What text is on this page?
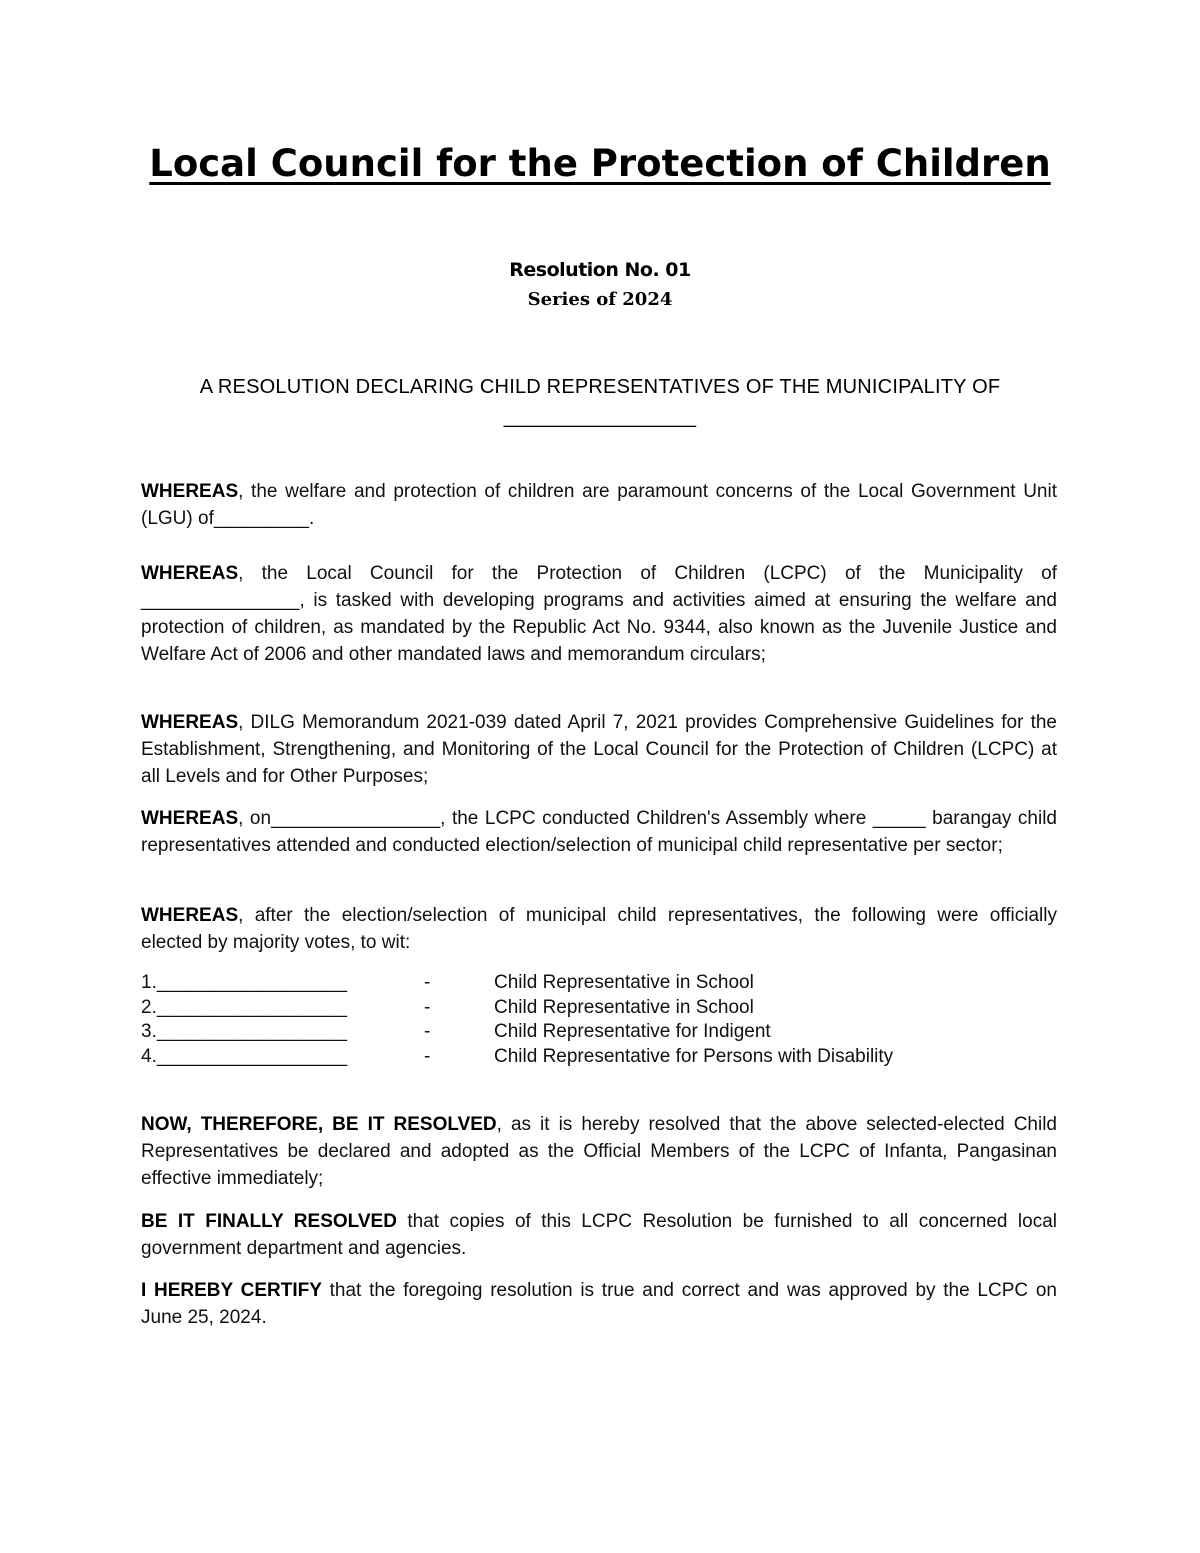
Local Council for the Protection of Children
Resolution No. 01
Series of 2024
A RESOLUTION DECLARING CHILD REPRESENTATIVES OF THE MUNICIPALITY OF _________________

WHEREAS, the welfare and protection of children are paramount concerns of the Local Government Unit (LGU) of_________.

WHEREAS, the Local Council for the Protection of Children (LCPC) of the Municipality of _______________, is tasked with developing programs and activities aimed at ensuring the welfare and protection of children, as mandated by the Republic Act No. 9344, also known as the Juvenile Justice and Welfare Act of 2006 and other mandated laws and memorandum circulars;

WHEREAS, DILG Memorandum 2021-039 dated April 7, 2021 provides Comprehensive Guidelines for the Establishment, Strengthening, and Monitoring of the Local Council for the Protection of Children (LCPC) at all Levels and for Other Purposes;

WHEREAS, on________________, the LCPC conducted Children's Assembly where _____ barangay child representatives attended and conducted election/selection of municipal child representative per sector;

WHEREAS, after the election/selection of municipal child representatives, the following were officially elected by majority votes, to wit:

1.__________________	-	Child Representative in School
2.__________________	-	Child Representative in School
3.__________________	-	Child Representative for Indigent
4.__________________	-	Child Representative for Persons with Disability

NOW, THEREFORE, BE IT RESOLVED, as it is hereby resolved that the above selected-elected Child Representatives be declared and adopted as the Official Members of the LCPC of Infanta, Pangasinan effective immediately;

BE IT FINALLY RESOLVED that copies of this LCPC Resolution be furnished to all concerned local government department and agencies.

I HEREBY CERTIFY that the foregoing resolution is true and correct and was approved by the LCPC on June 25, 2024.
